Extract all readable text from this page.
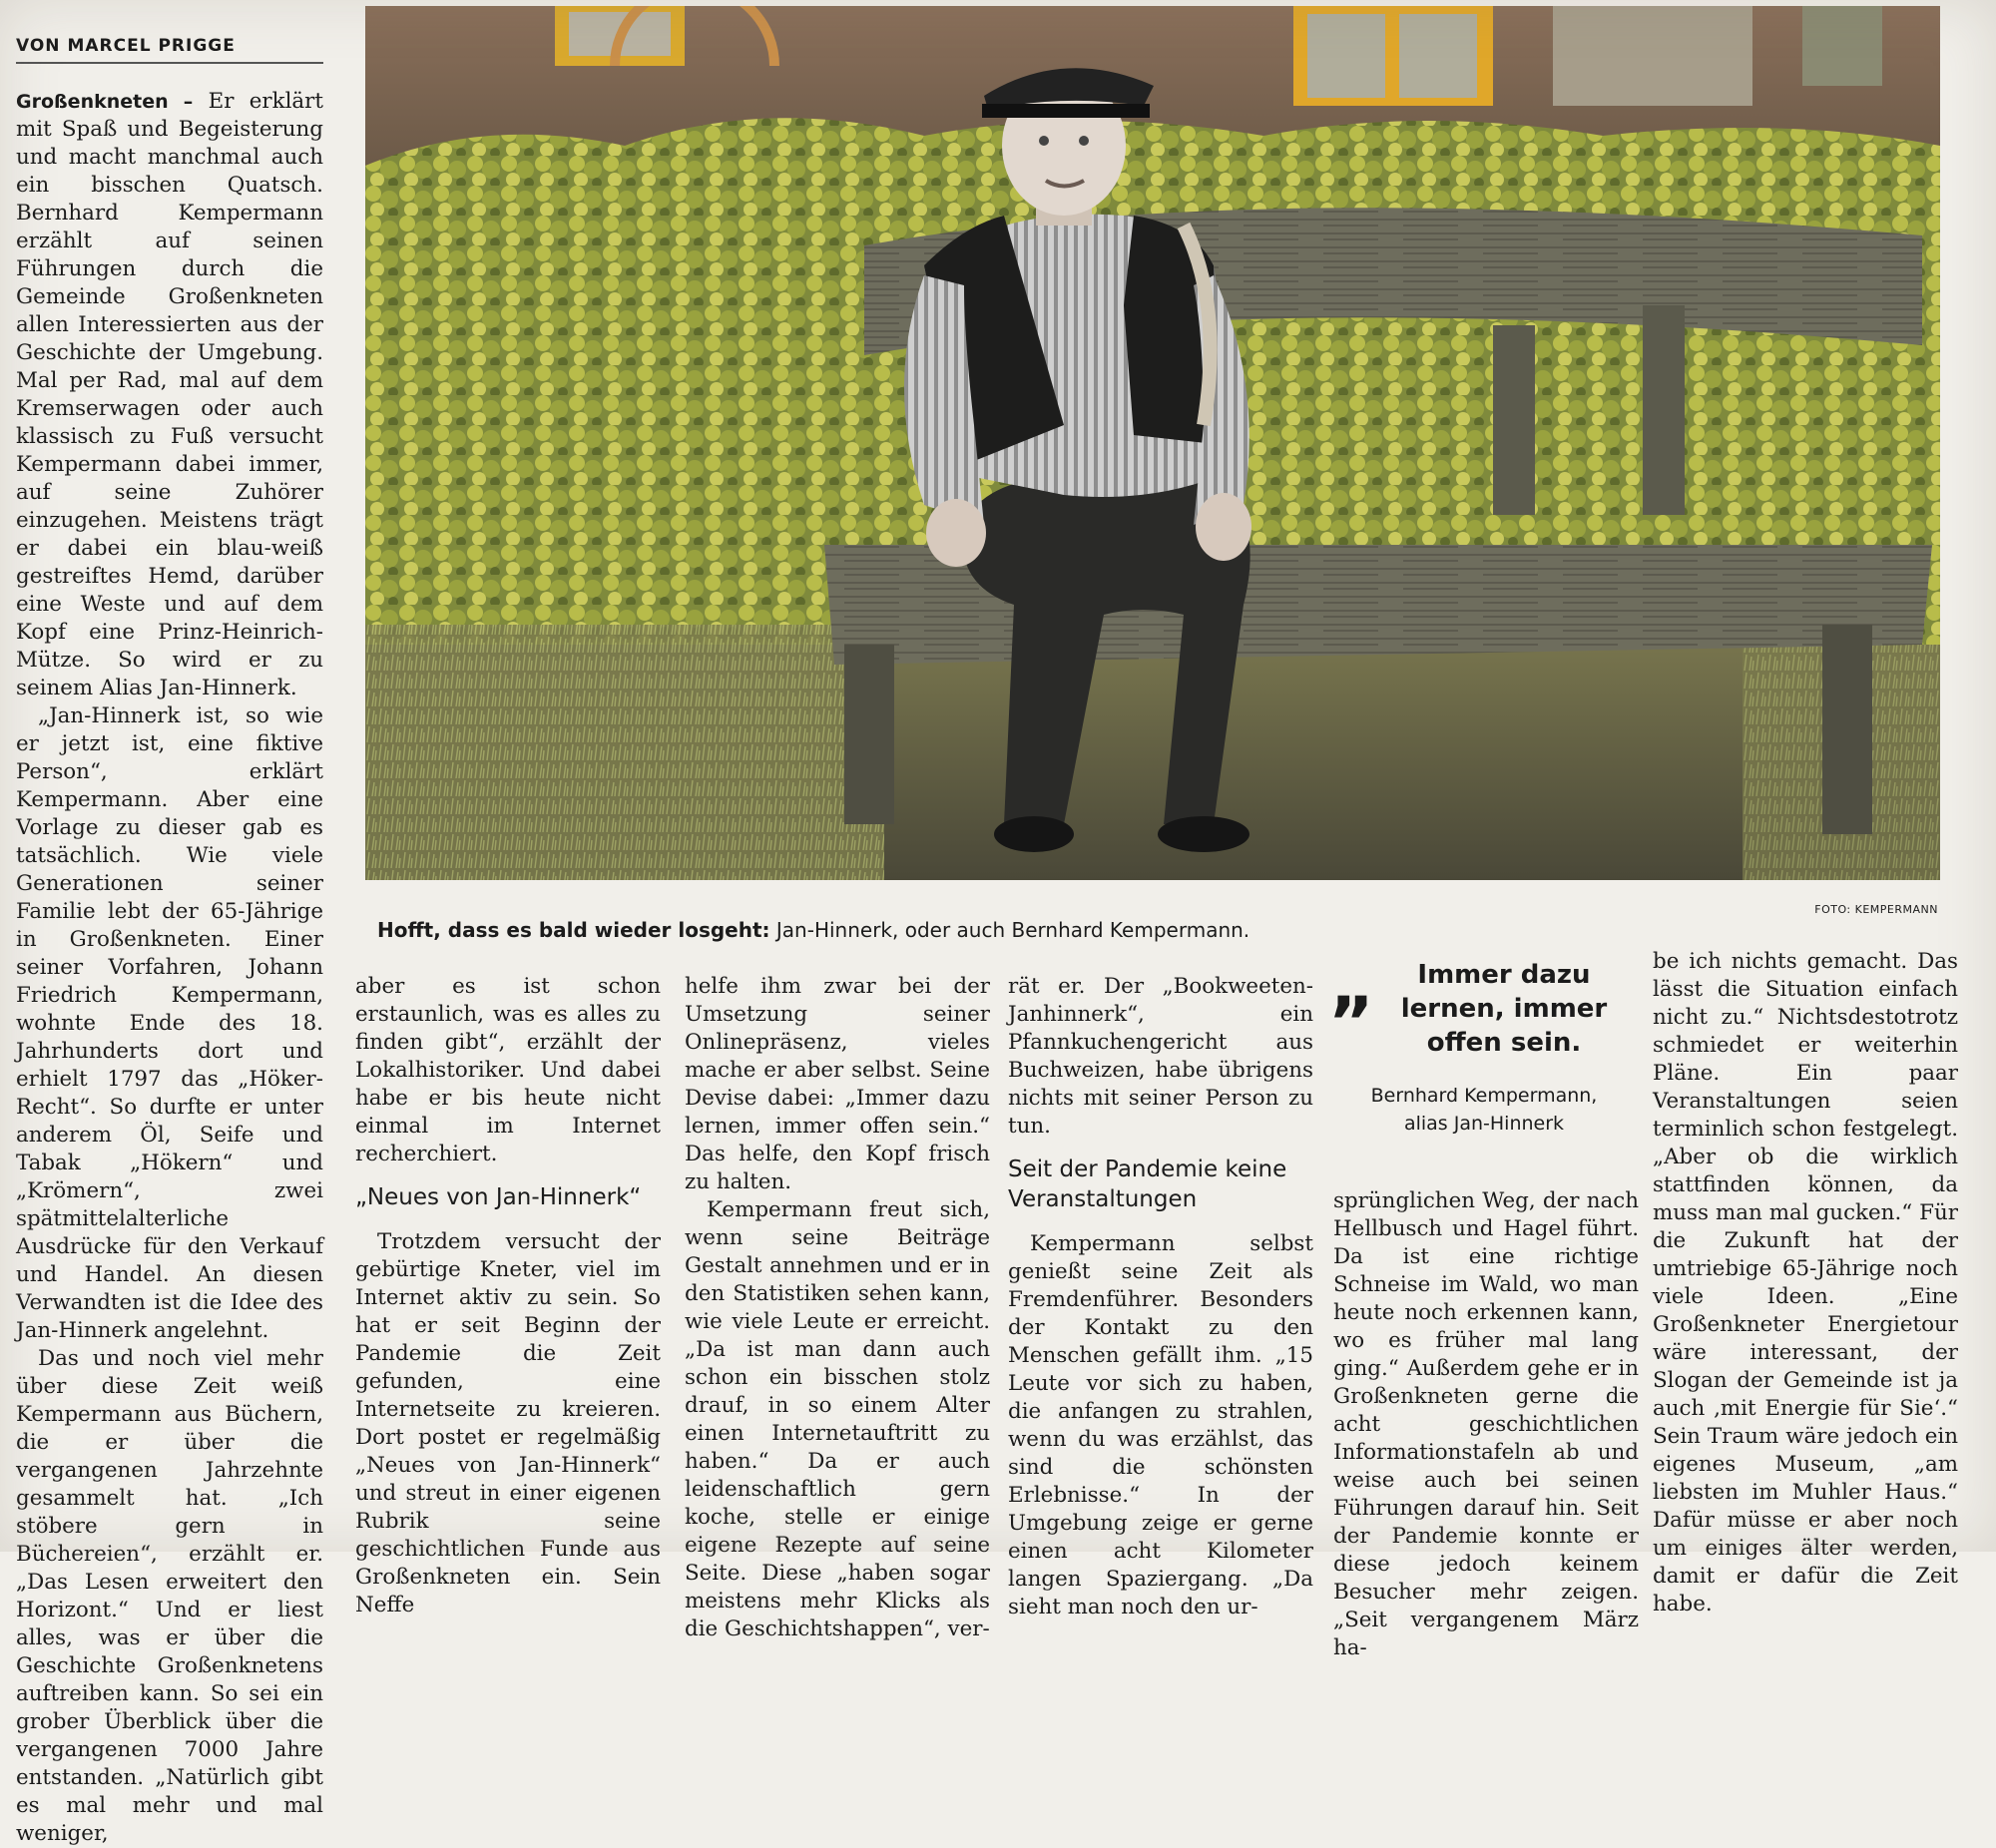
VON MARCEL PRIGGE

Großenkneten – Er erklärt mit Spaß und Begeisterung und macht manchmal auch ein bisschen Quatsch. Bernhard Kempermann erzählt auf seinen Führungen durch die Gemeinde Großenkneten allen Interessierten aus der Geschichte der Umgebung. Mal per Rad, mal auf dem Kremserwagen oder auch klassisch zu Fuß versucht Kempermann dabei immer, auf seine Zuhörer einzugehen. Meistens trägt er dabei ein blau-weiß gestreiftes Hemd, darüber eine Weste und auf dem Kopf eine Prinz-Heinrich-Mütze. So wird er zu seinem Alias Jan-Hinnerk.

„Jan-Hinnerk ist, so wie er jetzt ist, eine fiktive Person“, erklärt Kempermann. Aber eine Vorlage zu dieser gab es tatsächlich. Wie viele Generationen seiner Familie lebt der 65-Jährige in Großenkneten. Einer seiner Vorfahren, Johann Friedrich Kempermann, wohnte Ende des 18. Jahrhunderts dort und erhielt 1797 das „Höker-Recht“. So durfte er unter anderem Öl, Seife und Tabak „Hökern“ und „Krömern“, zwei spätmittelalterliche Ausdrücke für den Verkauf und Handel. An diesen Verwandten ist die Idee des Jan-Hinnerk angelehnt.

Das und noch viel mehr über diese Zeit weiß Kempermann aus Büchern, die er über die vergangenen Jahrzehnte gesammelt hat. „Ich stöbere gern in Büchereien“, erzählt er. „Das Lesen erweitert den Horizont.“ Und er liest alles, was er über die Geschichte Großenknetens auftreiben kann. So sei ein grober Überblick über die vergangenen 7000 Jahre entstanden. „Natürlich gibt es mal mehr und mal weniger,

FOTO: KEMPERMANN
Hofft, dass es bald wieder losgeht: Jan-Hinnerk, oder auch Bernhard Kempermann.

aber es ist schon erstaunlich, was es alles zu finden gibt“, erzählt der Lokalhistoriker. Und dabei habe er bis heute nicht einmal im Internet recherchiert.

„Neues von Jan-Hinnerk“

Trotzdem versucht der gebürtige Kneter, viel im Internet aktiv zu sein. So hat er seit Beginn der Pandemie die Zeit gefunden, eine Internetseite zu kreieren. Dort postet er regelmäßig „Neues von Jan-Hinnerk“ und streut in einer eigenen Rubrik seine geschichtlichen Funde aus Großenkneten ein. Sein Neffe

helfe ihm zwar bei der Umsetzung seiner Onlinepräsenz, vieles mache er aber selbst. Seine Devise dabei: „Immer dazu lernen, immer offen sein.“ Das helfe, den Kopf frisch zu halten.

Kempermann freut sich, wenn seine Beiträge Gestalt annehmen und er in den Statistiken sehen kann, wie viele Leute er erreicht. „Da ist man dann auch schon ein bisschen stolz drauf, in so einem Alter einen Internetauftritt zu haben.“ Da er auch leidenschaftlich gern koche, stelle er einige eigene Rezepte auf seine Seite. Diese „haben sogar meistens mehr Klicks als die Geschichtshappen“, ver-

rät er. Der „Bookweeten-Janhinnerk“, ein Pfannkuchengericht aus Buchweizen, habe übrigens nichts mit seiner Person zu tun.

Seit der Pandemie keine Veranstaltungen

Kempermann selbst genießt seine Zeit als Fremdenführer. Besonders der Kontakt zu den Menschen gefällt ihm. „15 Leute vor sich zu haben, die anfangen zu strahlen, wenn du was erzählst, das sind die schönsten Erlebnisse.“ In der Umgebung zeige er gerne einen acht Kilometer langen Spaziergang. „Da sieht man noch den ur-

„	Immer dazu lernen, immer offen sein.
Bernhard Kempermann,
alias Jan-Hinnerk

sprünglichen Weg, der nach Hellbusch und Hagel führt. Da ist eine richtige Schneise im Wald, wo man heute noch erkennen kann, wo es früher mal lang ging.“ Außerdem gehe er in Großenkneten gerne die acht geschichtlichen Informationstafeln ab und weise auch bei seinen Führungen darauf hin. Seit der Pandemie konnte er diese jedoch keinem Besucher mehr zeigen. „Seit vergangenem März ha-

be ich nichts gemacht. Das lässt die Situation einfach nicht zu.“ Nichtsdestotrotz schmiedet er weiterhin Pläne. Ein paar Veranstaltungen seien terminlich schon festgelegt. „Aber ob die wirklich stattfinden können, da muss man mal gucken.“ Für die Zukunft hat der umtriebige 65-Jährige noch viele Ideen. „Eine Großenkneter Energietour wäre interessant, der Slogan der Gemeinde ist ja auch ‚mit Energie für Sie‘.“ Sein Traum wäre jedoch ein eigenes Museum, „am liebsten im Muhler Haus.“ Dafür müsse er aber noch um einiges älter werden, damit er dafür die Zeit habe.
